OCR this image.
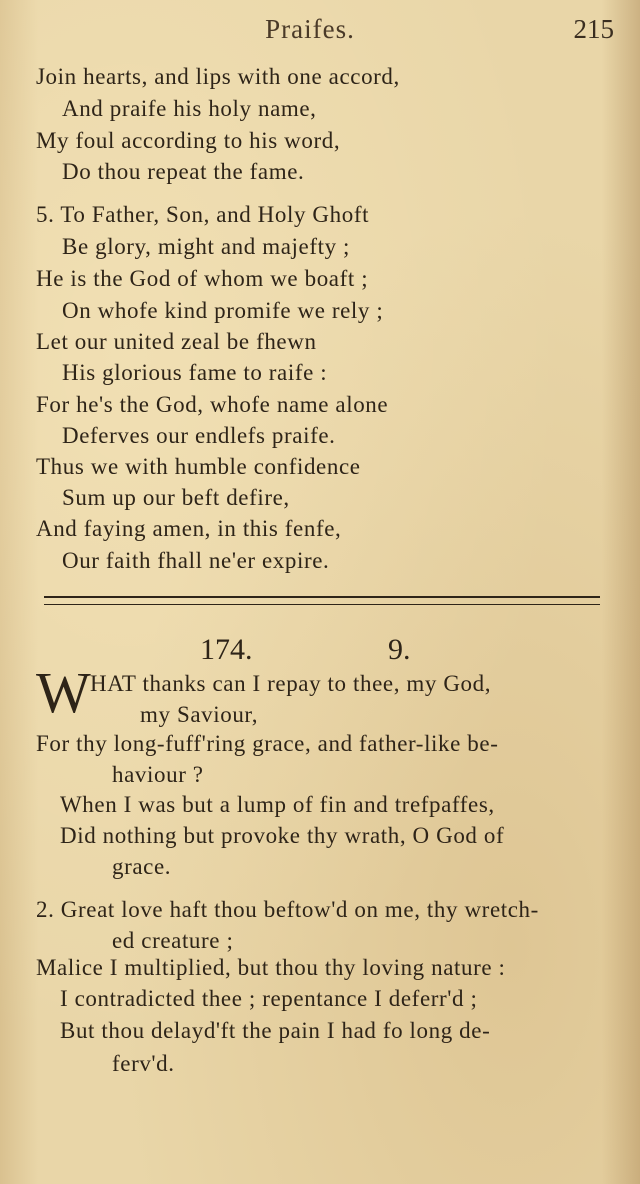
Praifes.	215
Join hearts, and lips with one accord,
And praife his holy name,
My foul according to his word,
Do thou repeat the fame.
5. To Father, Son, and Holy Ghoft
Be glory, might and majefty ;
He is the God of whom we boaft ;
On whofe kind promife we rely ;
Let our united zeal be fhewn
His glorious fame to raife :
For he's the God, whofe name alone
Deferves our endlefs praife.
Thus we with humble confidence
Sum up our beft defire,
And faying amen, in this fenfe,
Our faith fhall ne'er expire.
174.	9.
W HAT thanks can I repay to thee, my God,
my Saviour,
For thy long-fuff'ring grace, and father-like be-
haviour ?
When I was but a lump of fin and trefpaffes,
Did nothing but provoke thy wrath, O God of
grace.
2. Great love haft thou beftow'd on me, thy wretch-
ed creature ;
Malice I multiplied, but thou thy loving nature :
I contradicted thee ; repentance I deferr'd ;
But thou delayd'ft the pain I had fo long de-
ferv'd.
